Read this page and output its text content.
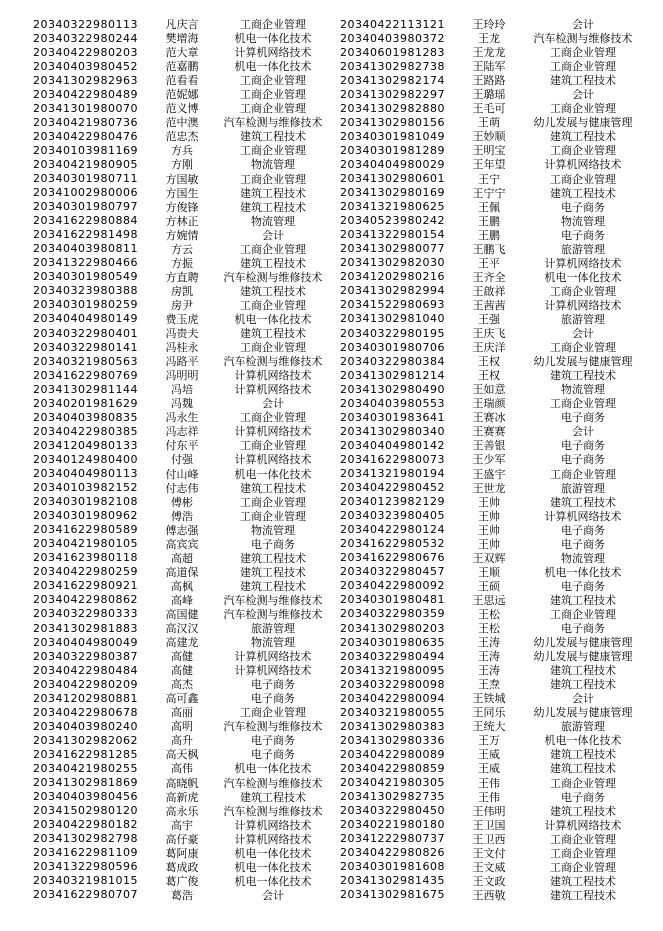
20340322980113	凡庆言	工商企业管理
20340322980244	樊增海	机电一体化技术
20340422980203	范大章	计算机网络技术
20340403980452	范嘉鹏	机电一体化技术
20341302982963	范看看	工商企业管理
20340422980489	范妮娜	工商企业管理
20341301980070	范义博	工商企业管理
20340421980736	范中澳	汽车检测与维修技术
20340422980476	范忠杰	建筑工程技术
20340103981169	方兵	工商企业管理
20340421980905	方刚	物流管理
20340301980711	方国敏	工商企业管理
20341002980006	方国生	建筑工程技术
20340301980797	方俊锋	建筑工程技术
20341622980884	方林正	物流管理
20341622981498	方婉情	会计
20340403980811	方云	工商企业管理
20341322980466	方振	建筑工程技术
20340301980549	方直聘	汽车检测与维修技术
20340323980388	房凯	建筑工程技术
20340301980259	房尹	工商企业管理
20340404980149	费玉虎	机电一体化技术
20340322980401	冯贵夫	建筑工程技术
20340322980141	冯桂永	工商企业管理
20340321980563	冯路平	汽车检测与维修技术
20341622980769	冯明明	计算机网络技术
20341302981144	冯培	计算机网络技术
20340201981629	冯魏	会计
20340403980835	冯永生	工商企业管理
20340422980385	冯志祥	计算机网络技术
20341204980133	付东平	工商企业管理
20340124980400	付强	计算机网络技术
20340404980113	付山峰	机电一体化技术
20340103982152	付志伟	建筑工程技术
20340301982108	傅彬	工商企业管理
20340301980962	傅浩	工商企业管理
20341622980589	傅志强	物流管理
20340421980105	高宾宾	电子商务
20341623980118	高超	建筑工程技术
20340422980259	高道保	建筑工程技术
20341622980921	高枫	建筑工程技术
20340422980862	高峰	汽车检测与维修技术
20340322980333	高国健	汽车检测与维修技术
20341302981883	高汉汉	旅游管理
20340404980049	高建龙	物流管理
20340322980387	高健	计算机网络技术
20340422980484	高健	计算机网络技术
20340422980209	高杰	电子商务
20341202980881	高可鑫	电子商务
20340422980678	高丽	工商企业管理
20340403980240	高明	汽车检测与维修技术
20341302982062	高升	电子商务
20341622981285	高天枫	电子商务
20340421980255	高伟	机电一体化技术
20341302981869	高晓帆	汽车检测与维修技术
20340403980456	高新虎	建筑工程技术
20341502980120	高永乐	汽车检测与维修技术
20340422980182	高宇	计算机网络技术
20341302982798	高仔豪	计算机网络技术
20341622981109	葛阿康	机电一体化技术
20341322980596	葛成政	机电一体化技术
20340321981015	葛广俊	机电一体化技术
20341622980707	葛浩	会计
20340422113121	王玲玲	会计
20340403980372	王龙	汽车检测与维修技术
20340601981283	王龙龙	工商企业管理
20341302982738	王陆军	工商企业管理
20341302982174	王路路	建筑工程技术
20341302982297	王璐瑶	会计
20341302982880	王毛可	工商企业管理
20341302980156	王萌	幼儿发展与健康管理
20340301981049	王妙顺	建筑工程技术
20340301981289	王明宝	工商企业管理
20340404980029	王年望	计算机网络技术
20341302980601	王宁	工商企业管理
20341302980169	王宁宁	建筑工程技术
20341321980625	王佩	电子商务
20340523980242	王鹏	物流管理
20341322980154	王鹏	电子商务
20341302980077	王鹏飞	旅游管理
20341302982030	王平	计算机网络技术
20341202980216	王齐全	机电一体化技术
20341302982994	王啟祥	工商企业管理
20341522980693	王茜茜	计算机网络技术
20341302981040	王强	旅游管理
20340322980195	王庆飞	会计
20340301980706	王庆洋	工商企业管理
20340322980384	王权	幼儿发展与健康管理
20341302981214	王权	建筑工程技术
20341302980490	王如意	物流管理
20340403980553	王瑞颜	工商企业管理
20340301983641	王赛冰	电子商务
20341302980340	王赛赛	会计
20340404980142	王善银	电子商务
20341622980073	王少军	电子商务
20341321980194	王盛宇	工商企业管理
20340422980452	王世龙	旅游管理
20340123982129	王帅	建筑工程技术
20340323980405	王帅	计算机网络技术
20340422980124	王帅	电子商务
20341622980532	王帅	电子商务
20341622980676	王双辉	物流管理
20340322980457	王顺	机电一体化技术
20340422980092	王硕	电子商务
20340301980481	王思远	建筑工程技术
20340322980359	王松	工商企业管理
20341302980203	王松	电子商务
20340301980635	王涛	幼儿发展与健康管理
20340322980494	王涛	幼儿发展与健康管理
20341321980095	王涛	建筑工程技术
20340322980098	王焘	建筑工程技术
20340422980094	王铁城	会计
20340321980055	王同乐	幼儿发展与健康管理
20341302980383	王统大	旅游管理
20341302980336	王万	机电一体化技术
20340422980089	王威	建筑工程技术
20340422980859	王威	建筑工程技术
20340421980305	王伟	工商企业管理
20341302982735	王伟	电子商务
20340322980450	王伟明	建筑工程技术
20340221980180	王卫国	计算机网络技术
20341222980737	王卫西	工商企业管理
20340422980826	王文付	工商企业管理
20340301981608	王文威	工商企业管理
20341302981435	王文政	建筑工程技术
20341302981675	王西敬	建筑工程技术
